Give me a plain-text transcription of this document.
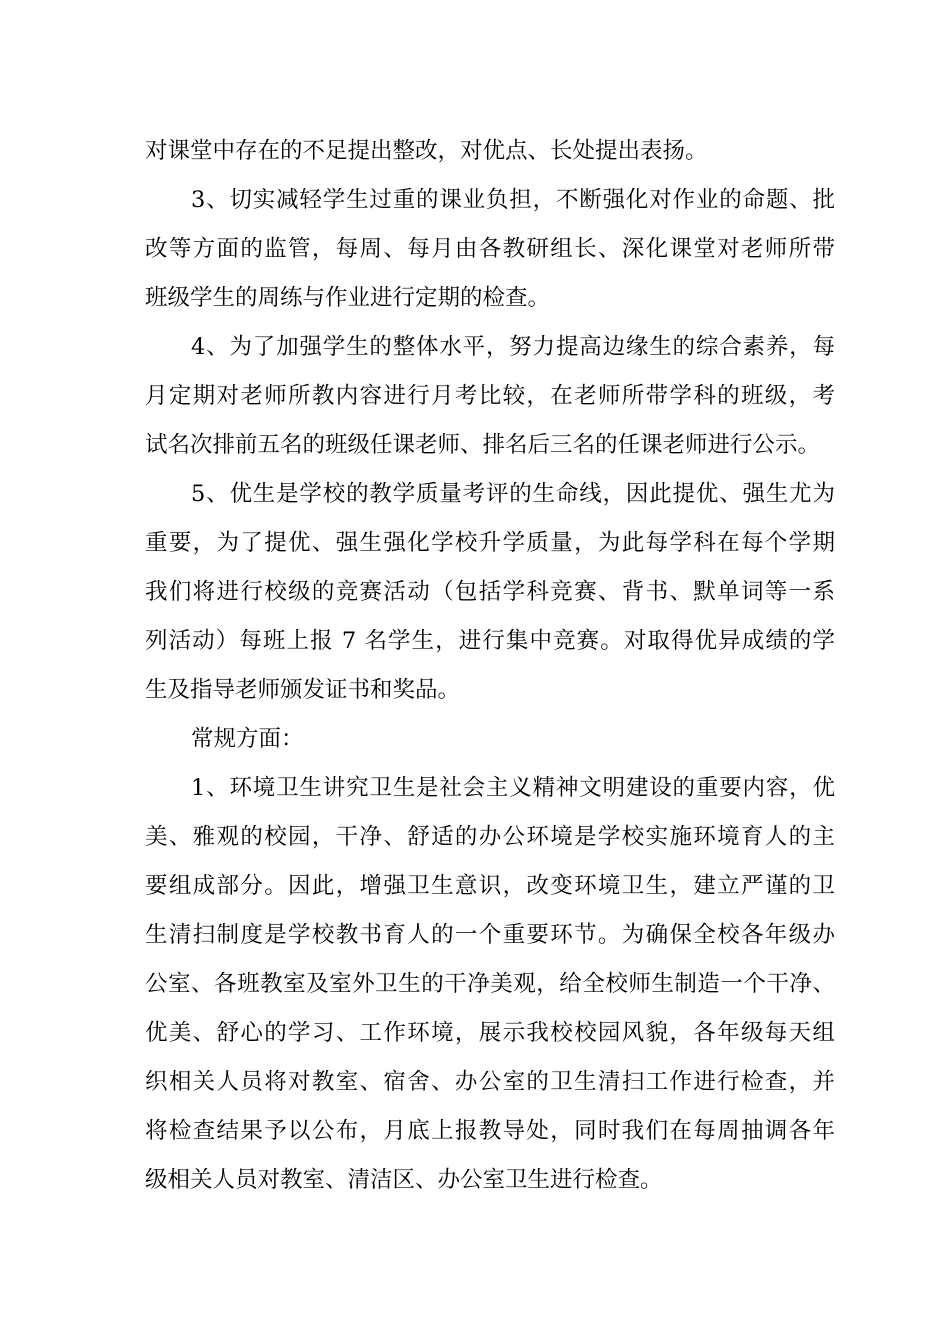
对课堂中存在的不足提出整改，对优点、长处提出表扬。

3、切实减轻学生过重的课业负担，不断强化对作业的命题、批
改等方面的监管，每周、每月由各教研组长、深化课堂对老师所带
班级学生的周练与作业进行定期的检查。

4、为了加强学生的整体水平，努力提高边缘生的综合素养，每
月定期对老师所教内容进行月考比较，在老师所带学科的班级，考
试名次排前五名的班级任课老师、排名后三名的任课老师进行公示。

5、优生是学校的教学质量考评的生命线，因此提优、强生尤为
重要，为了提优、强生强化学校升学质量，为此每学科在每个学期
我们将进行校级的竞赛活动（包括学科竞赛、背书、默单词等一系
列活动）每班上报 7 名学生，进行集中竞赛。对取得优异成绩的学
生及指导老师颁发证书和奖品。

常规方面：

1、环境卫生讲究卫生是社会主义精神文明建设的重要内容，优
美、雅观的校园，干净、舒适的办公环境是学校实施环境育人的主
要组成部分。因此，增强卫生意识，改变环境卫生，建立严谨的卫
生清扫制度是学校教书育人的一个重要环节。为确保全校各年级办
公室、各班教室及室外卫生的干净美观，给全校师生制造一个干净、
优美、舒心的学习、工作环境，展示我校校园风貌，各年级每天组
织相关人员将对教室、宿舍、办公室的卫生清扫工作进行检查，并
将检查结果予以公布，月底上报教导处，同时我们在每周抽调各年
级相关人员对教室、清洁区、办公室卫生进行检查。
